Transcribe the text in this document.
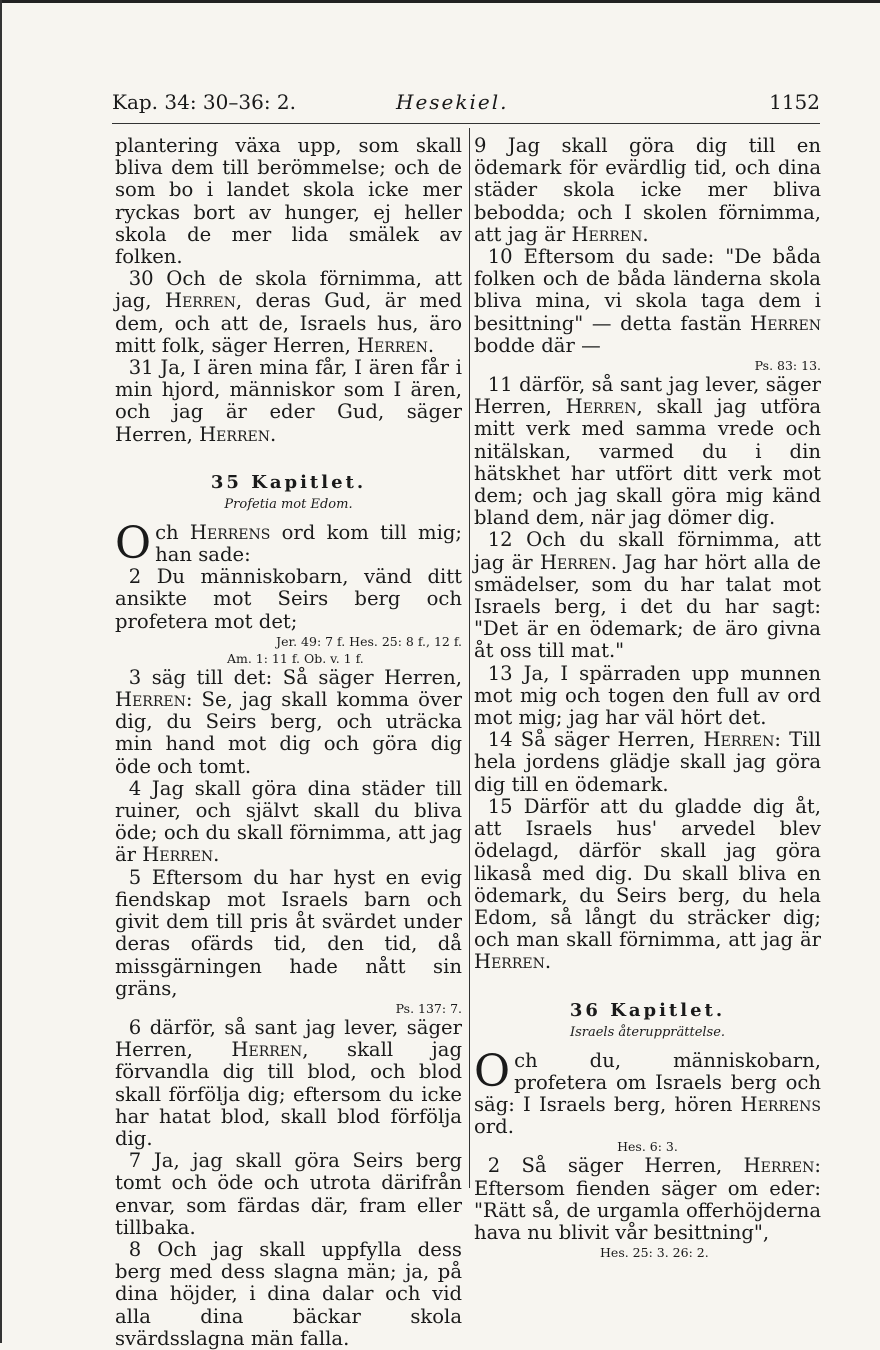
Kap. 34: 30–36: 2.	Hesekiel.	1152

plantering växa upp, som skall bliva dem till berömmelse; och de som bo i landet skola icke mer ryckas bort av hunger, ej heller skola de mer lida smälek av folken.

30 Och de skola förnimma, att jag, Herren, deras Gud, är med dem, och att de, Israels hus, äro mitt folk, säger Herren, Herren.

31 Ja, I ären mina får, I ären får i min hjord, människor som I ären, och jag är eder Gud, säger Herren, Herren.

35 Kapitlet.
Profetia mot Edom.

Och Herrens ord kom till mig; han sade:

2 Du människobarn, vänd ditt ansikte mot Seirs berg och profetera mot det;
Jer. 49: 7 f. Hes. 25: 8 f., 12 f.
Am. 1: 11 f. Ob. v. 1 f.

3 säg till det: Så säger Herren, Herren: Se, jag skall komma över dig, du Seirs berg, och uträcka min hand mot dig och göra dig öde och tomt.

4 Jag skall göra dina städer till ruiner, och självt skall du bliva öde; och du skall förnimma, att jag är Herren.

5 Eftersom du har hyst en evig fiendskap mot Israels barn och givit dem till pris åt svärdet under deras ofärds tid, den tid, då missgärningen hade nått sin gräns,
Ps. 137: 7.

6 därför, så sant jag lever, säger Herren, Herren, skall jag förvandla dig till blod, och blod skall förfölja dig; eftersom du icke har hatat blod, skall blod förfölja dig.

7 Ja, jag skall göra Seirs berg tomt och öde och utrota därifrån envar, som färdas där, fram eller tillbaka.

8 Och jag skall uppfylla dess berg med dess slagna män; ja, på dina höjder, i dina dalar och vid alla dina bäckar skola svärdsslagna män falla.

9 Jag skall göra dig till en ödemark för evärdlig tid, och dina städer skola icke mer bliva bebodda; och I skolen förnimma, att jag är Herren.

10 Eftersom du sade: "De båda folken och de båda länderna skola bliva mina, vi skola taga dem i besittning" — detta fastän Herren bodde där —
Ps. 83: 13.

11 därför, så sant jag lever, säger Herren, Herren, skall jag utföra mitt verk med samma vrede och nitälskan, varmed du i din hätskhet har utfört ditt verk mot dem; och jag skall göra mig känd bland dem, när jag dömer dig.

12 Och du skall förnimma, att jag är Herren. Jag har hört alla de smädelser, som du har talat mot Israels berg, i det du har sagt: "Det är en ödemark; de äro givna åt oss till mat."

13 Ja, I spärraden upp munnen mot mig och togen den full av ord mot mig; jag har väl hört det.

14 Så säger Herren, Herren: Till hela jordens glädje skall jag göra dig till en ödemark.

15 Därför att du gladde dig åt, att Israels hus' arvedel blev ödelagd, därför skall jag göra likaså med dig. Du skall bliva en ödemark, du Seirs berg, du hela Edom, så långt du sträcker dig; och man skall förnimma, att jag är Herren.

36 Kapitlet.
Israels återupprättelse.

Och du, människobarn, profetera om Israels berg och säg: I Israels berg, hören Herrens ord.
Hes. 6: 3.

2 Så säger Herren, Herren: Eftersom fienden säger om eder: "Rätt så, de urgamla offerhöjderna hava nu blivit vår besittning",
Hes. 25: 3. 26: 2.
